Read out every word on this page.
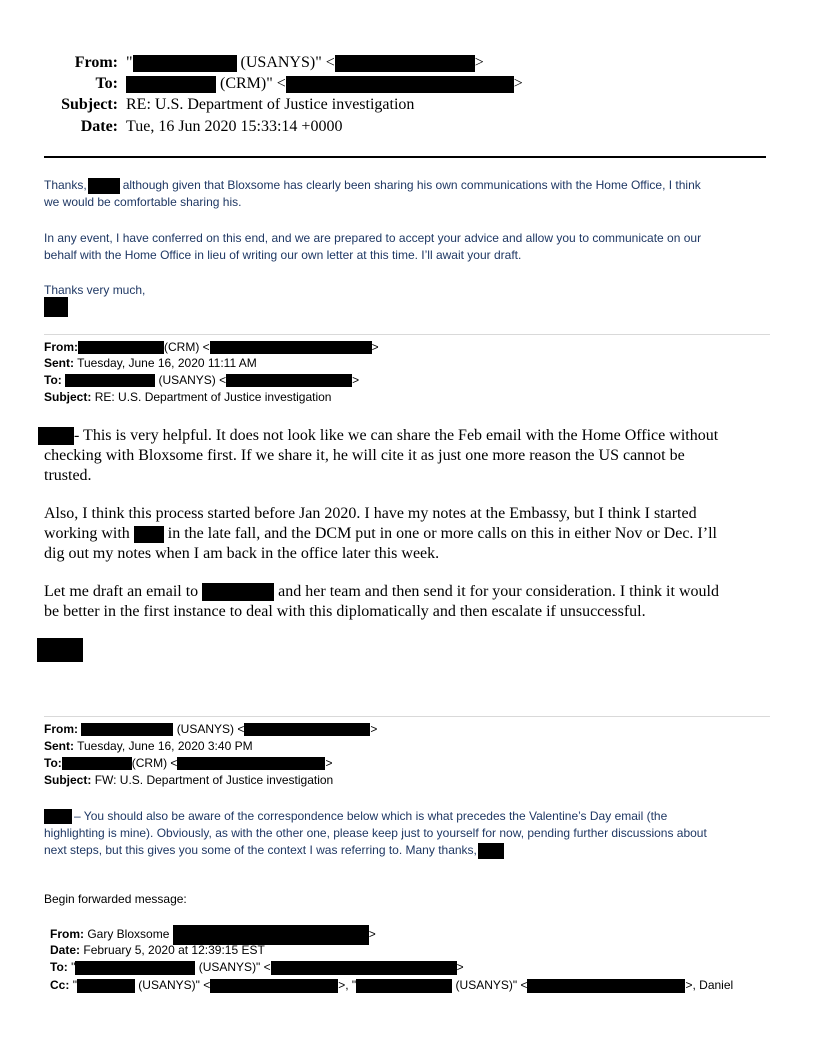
From: "	(USANYS)" <	>
To:	(CRM)" <	>
Subject: RE: U.S. Department of Justice investigation
Date: Tue, 16 Jun 2020 15:33:14 +0000
Thanks,	although given that Bloxsome has clearly been sharing his own communications with the Home Office, I think
we would be comfortable sharing his.
In any event, I have conferred on this end, and we are prepared to accept your advice and allow you to communicate on our
behalf with the Home Office in lieu of writing our own letter at this time. I’ll await your draft.
Thanks very much,
From:	(CRM) <	>
Sent: Tuesday, June 16, 2020 11:11 AM
To:	(USANYS) <	>
Subject: RE: U.S. Department of Justice investigation
- This is very helpful. It does not look like we can share the Feb email with the Home Office without
checking with Bloxsome first. If we share it, he will cite it as just one more reason the US cannot be
trusted.
Also, I think this process started before Jan 2020. I have my notes at the Embassy, but I think I started
working with in the late fall, and the DCM put in one or more calls on this in either Nov or Dec. I’ll
dig out my notes when I am back in the office later this week.
Let me draft an email to	and her team and then send it for your consideration. I think it would
be better in the first instance to deal with this diplomatically and then escalate if unsuccessful.
From:	(USANYS) <	>
Sent: Tuesday, June 16, 2020 3:40 PM
To:	(CRM) <	>
Subject: FW: U.S. Department of Justice investigation
– You should also be aware of the correspondence below which is what precedes the Valentine’s Day email (the
highlighting is mine). Obviously, as with the other one, please keep just to yourself for now, pending further discussions about
next steps, but this gives you some of the context I was referring to. Many thanks,
Begin forwarded message:
From: Gary Bloxsome	>
Date: February 5, 2020 at 12:39:15 EST
To: "	(USANYS)" <	>
Cc: "	(USANYS)" <	>, "	(USANYS)" <	>, Daniel
